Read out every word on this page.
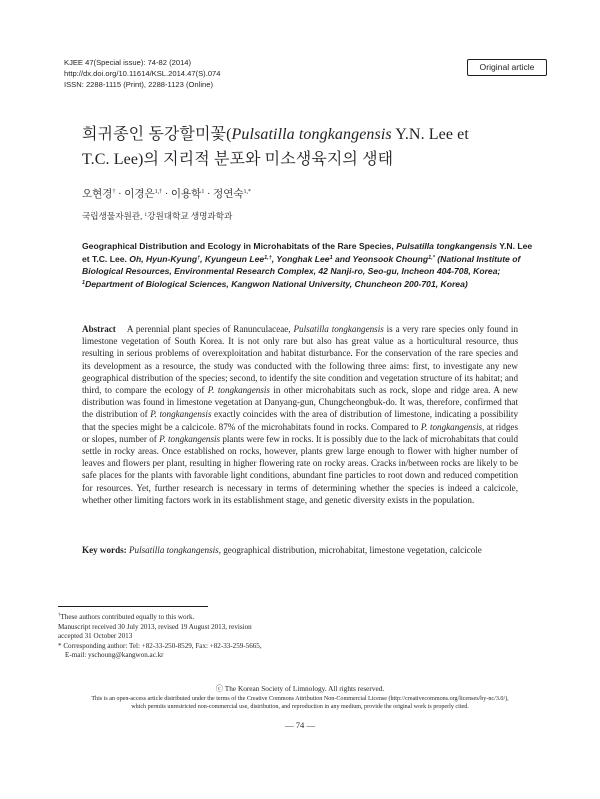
KJEE 47(Special issue): 74-82 (2014)
http://dx.doi.org/10.11614/KSL.2014.47(S).074
ISSN: 2288-1115 (Print), 2288-1123 (Online)
Original article
희귀종인 동강할미꽃(Pulsatilla tongkangensis Y.N. Lee et
T.C. Lee)의 지리적 분포와 미소생육지의 생태
오현경† · 이경은$^{1,\dagger}$ · 이용학$^1$ · 정연숙$^{1,*}$
국립생물자원관, $^1$강원대학교 생명과학과
Geographical Distribution and Ecology in Microhabitats of the Rare Species, Pulsatilla tongkangensis Y.N. Lee et T.C. Lee. Oh, Hyun-Kyung†, Kyungeun Lee$^{1,\dagger}$, Yonghak Lee$^1$ and Yeonsook Choung$^{1,*}$ (National Institute of Biological Resources, Environmental Research Complex, 42 Nanji-ro, Seo-gu, Incheon 404-708, Korea; $^1$Department of Biological Sciences, Kangwon National University, Chuncheon 200-701, Korea)
Abstract A perennial plant species of Ranunculaceae, Pulsatilla tongkangensis is a very rare species only found in limestone vegetation of South Korea. It is not only rare but also has great value as a horticultural resource, thus resulting in serious problems of overexploitation and habitat disturbance. For the conservation of the rare species and its development as a resource, the study was conducted with the following three aims: first, to investigate any new geographical distribution of the species; second, to identify the site condition and vegetation structure of its habitat; and third, to compare the ecology of P. tongkangensis in other microhabitats such as rock, slope and ridge area. A new distribution was found in limestone vegetation at Danyang-gun, Chungcheongbuk-do. It was, therefore, confirmed that the distribution of P. tongkangensis exactly coincides with the area of distribution of limestone, indicating a possibility that the species might be a calcicole. 87% of the microhabitats found in rocks. Compared to P. tongkangensis, at ridges or slopes, number of P. tongkangensis plants were few in rocks. It is possibly due to the lack of microhabitats that could settle in rocky areas. Once established on rocks, however, plants grew large enough to flower with higher number of leaves and flowers per plant, resulting in higher flowering rate on rocky areas. Cracks in/between rocks are likely to be safe places for the plants with favorable light conditions, abundant fine particles to root down and reduced competition for resources. Yet, further research is necessary in terms of determining whether the species is indeed a calcicole, whether other limiting factors work in its establishment stage, and genetic diversity exists in the population.
Key words: Pulsatilla tongkangensis, geographical distribution, microhabitat, limestone vegetation, calcicole
†These authors contributed equally to this work.
Manuscript received 30 July 2013, revised 19 August 2013, revision
accepted 31 October 2013
* Corresponding author: Tel: +82-33-250-8529, Fax: +82-33-259-5665,
E-mail: yschoung@kangwon.ac.kr
ⓒ The Korean Society of Limnology. All rights reserved.
This is an open-access article distributed under the terms of the Creative Commons Attribution Non-Commercial License (http://creativecommons.org/licenses/by-nc/3.0/),
which permits unrestricted non-commercial use, distribution, and reproduction in any medium, provide the original work is properly cited.
— 74 —
